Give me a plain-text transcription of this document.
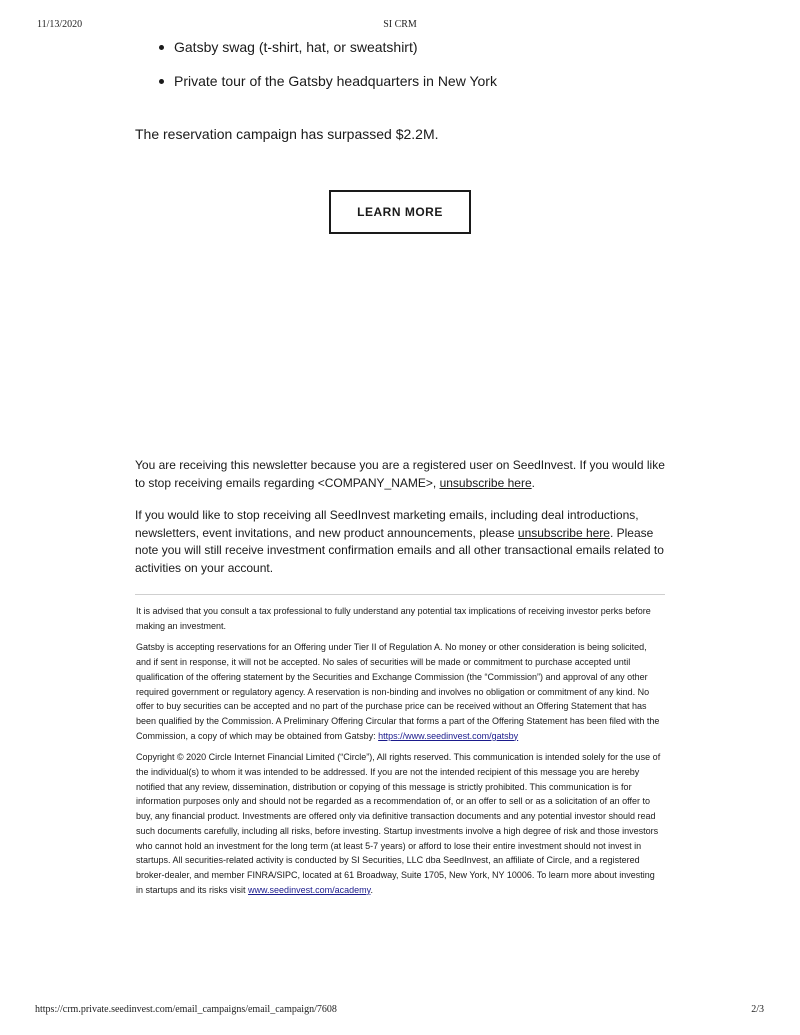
11/13/2020	SI CRM
Gatsby swag (t-shirt, hat, or sweatshirt)
Private tour of the Gatsby headquarters in New York
The reservation campaign has surpassed $2.2M.
LEARN MORE

You are receiving this newsletter because you are a registered user on SeedInvest. If you would like to stop receiving emails regarding <COMPANY_NAME>, unsubscribe here.

If you would like to stop receiving all SeedInvest marketing emails, including deal introductions, newsletters, event invitations, and new product announcements, please unsubscribe here. Please note you will still receive investment confirmation emails and all other transactional emails related to activities on your account.

It is advised that you consult a tax professional to fully understand any potential tax implications of receiving investor perks before making an investment.

Gatsby is accepting reservations for an Offering under Tier II of Regulation A. No money or other consideration is being solicited, and if sent in response, it will not be accepted. No sales of securities will be made or commitment to purchase accepted until qualification of the offering statement by the Securities and Exchange Commission (the “Commission”) and approval of any other required government or regulatory agency. A reservation is non-binding and involves no obligation or commitment of any kind. No offer to buy securities can be accepted and no part of the purchase price can be received without an Offering Statement that has been qualified by the Commission. A Preliminary Offering Circular that forms a part of the Offering Statement has been filed with the Commission, a copy of which may be obtained from Gatsby: https://www.seedinvest.com/gatsby

Copyright © 2020 Circle Internet Financial Limited (“Circle”), All rights reserved. This communication is intended solely for the use of the individual(s) to whom it was intended to be addressed. If you are not the intended recipient of this message you are hereby notified that any review, dissemination, distribution or copying of this message is strictly prohibited. This communication is for information purposes only and should not be regarded as a recommendation of, or an offer to sell or as a solicitation of an offer to buy, any financial product. Investments are offered only via definitive transaction documents and any potential investor should read such documents carefully, including all risks, before investing. Startup investments involve a high degree of risk and those investors who cannot hold an investment for the long term (at least 5-7 years) or afford to lose their entire investment should not invest in startups. All securities-related activity is conducted by SI Securities, LLC dba SeedInvest, an affiliate of Circle, and a registered broker-dealer, and member FINRA/SIPC, located at 61 Broadway, Suite 1705, New York, NY 10006. To learn more about investing in startups and its risks visit www.seedinvest.com/academy.

https://crm.private.seedinvest.com/email_campaigns/email_campaign/7608	2/3
